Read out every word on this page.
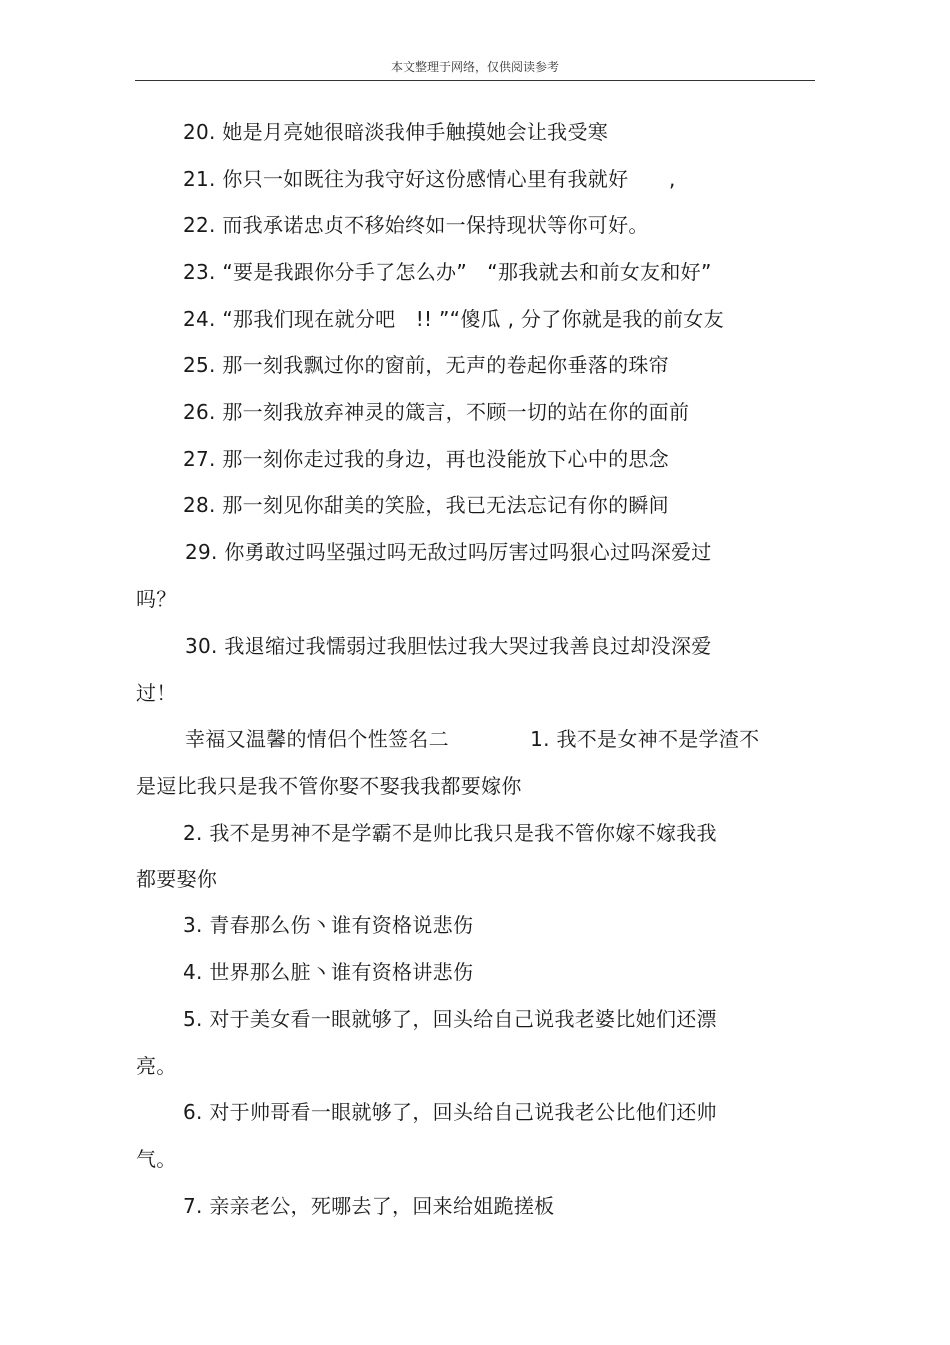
本文整理于网络，仅供阅读参考
20. 她是月亮她很暗淡我伸手触摸她会让我受寒
21. 你只一如既往为我守好这份感情心里有我就好　　,
22. 而我承诺忠贞不移始终如一保持现状等你可好。
23. “要是我跟你分手了怎么办”　“那我就去和前女友和好”
24. “那我们现在就分吧　!! ”“傻瓜 , 分了你就是我的前女友
25. 那一刻我飘过你的窗前，无声的卷起你垂落的珠帘
26. 那一刻我放弃神灵的箴言，不顾一切的站在你的面前
27. 那一刻你走过我的身边，再也没能放下心中的思念
28. 那一刻见你甜美的笑脸，我已无法忘记有你的瞬间
29. 你勇敢过吗坚强过吗无敌过吗厉害过吗狠心过吗深爱过
吗？
30. 我退缩过我懦弱过我胆怯过我大哭过我善良过却没深爱
过！
幸福又温馨的情侣个性签名二　　　　1. 我不是女神不是学渣不
是逗比我只是我不管你娶不娶我我都要嫁你
2. 我不是男神不是学霸不是帅比我只是我不管你嫁不嫁我我
都要娶你
3. 青春那么伤丶谁有资格说悲伤
4. 世界那么脏丶谁有资格讲悲伤
5. 对于美女看一眼就够了，回头给自己说我老婆比她们还漂
亮。
6. 对于帅哥看一眼就够了，回头给自己说我老公比他们还帅
气。
7. 亲亲老公，死哪去了，回来给姐跪搓板
